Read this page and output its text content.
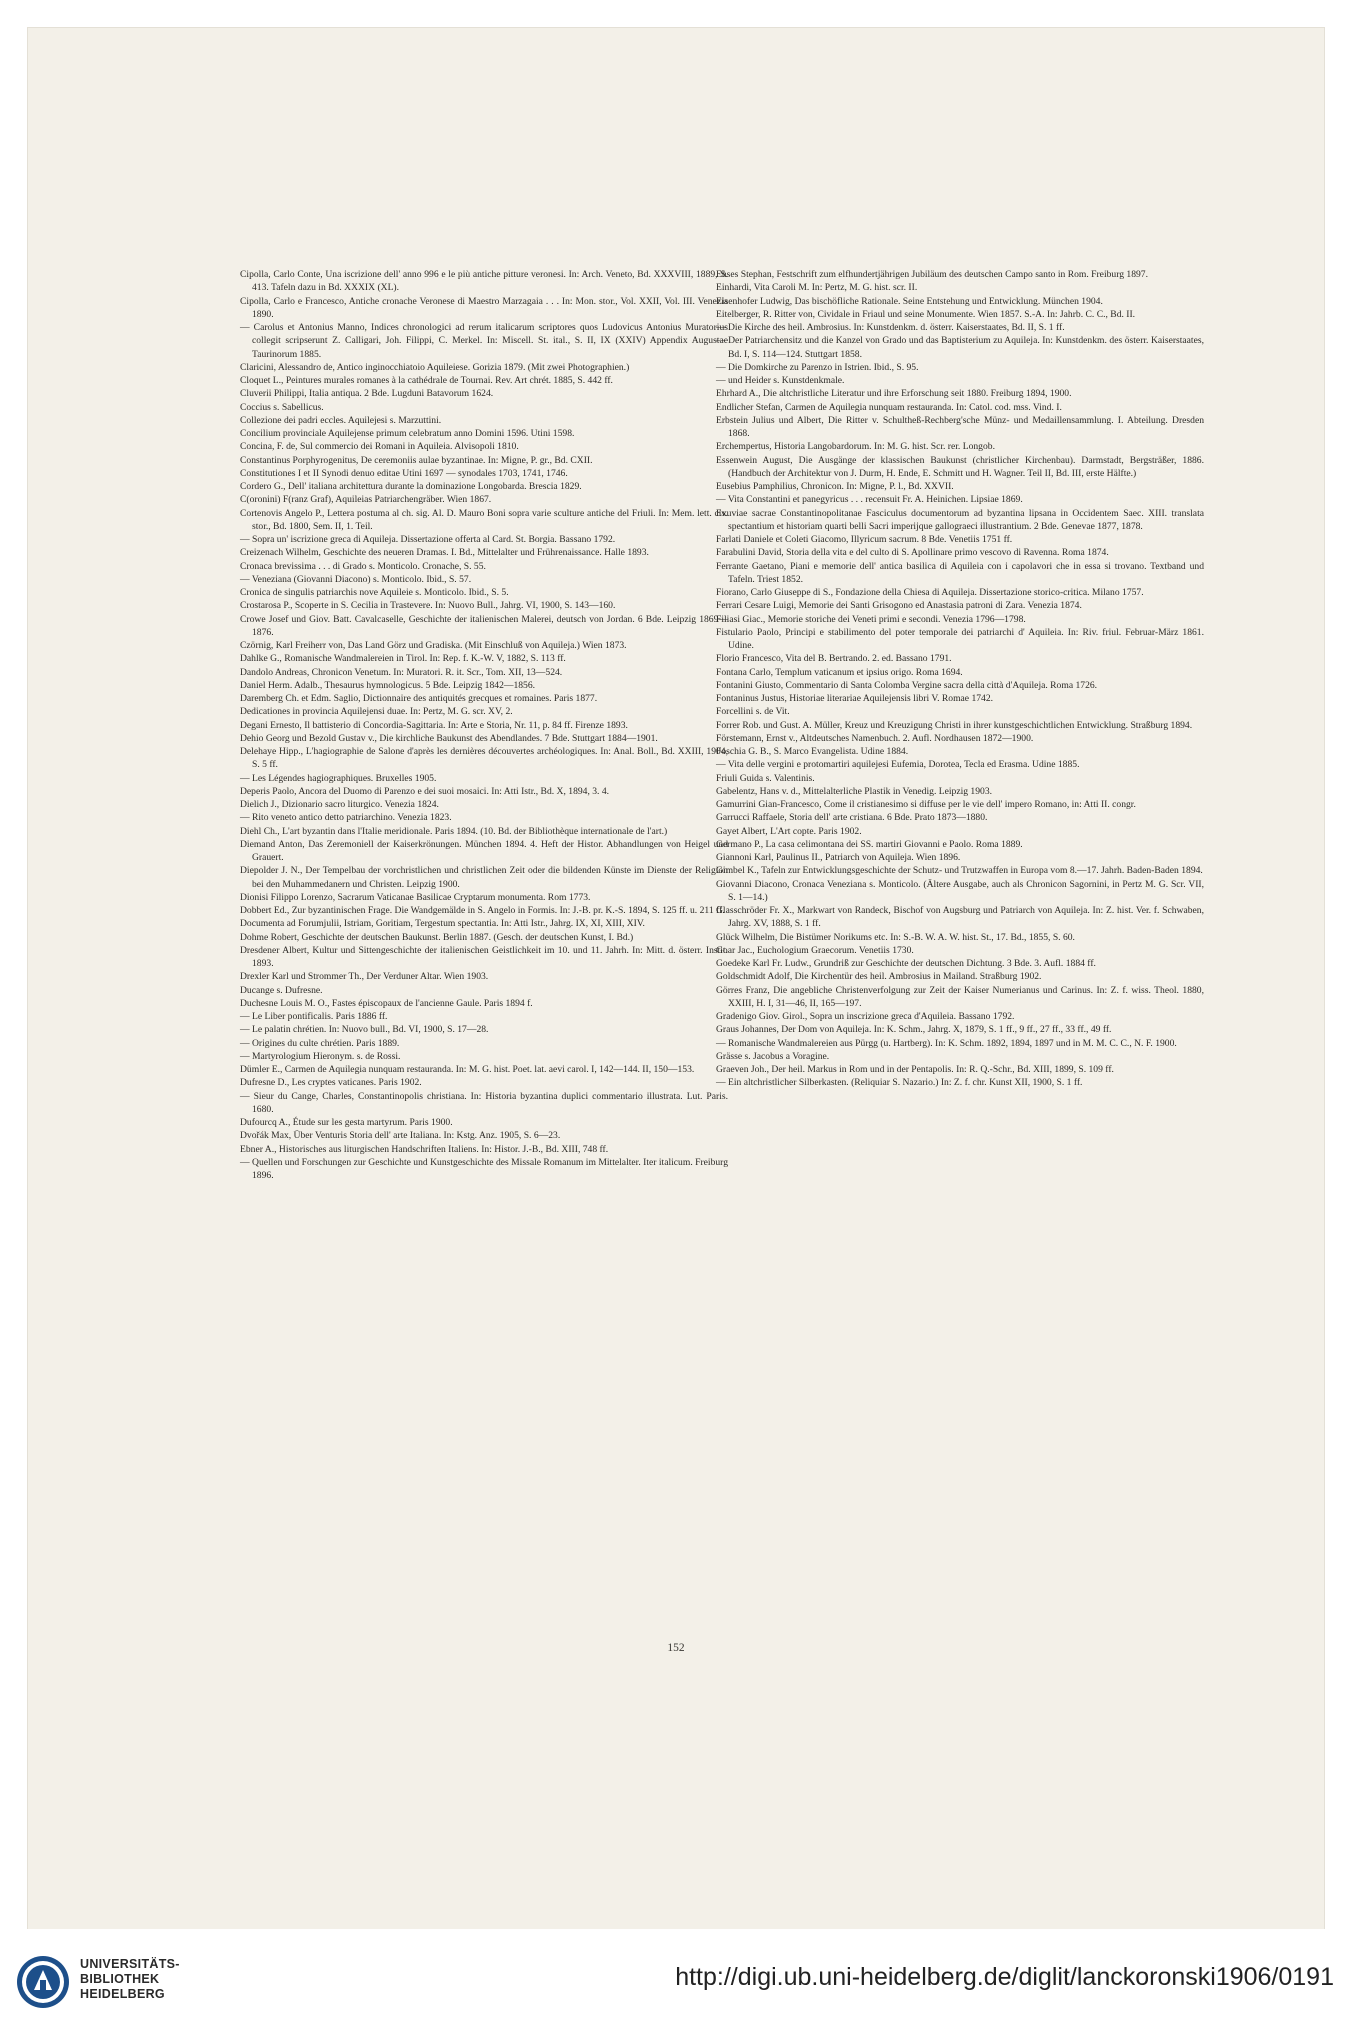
Cipolla, Carlo Conte, Una iscrizione dell' anno 996 e le più antiche pitture veronesi. In: Arch. Veneto, Bd. XXXVIII, 1889, S. 413. Tafeln dazu in Bd. XXXIX (XL).

Cipolla, Carlo e Francesco, Antiche cronache Veronese di Maestro Marzagaia . . . In: Mon. stor., Vol. XXII, Vol. III. Venezia 1890.

— Carolus et Antonius Manno, Indices chronologici ad rerum italicarum scriptores quos Ludovicus Antonius Muratorius collegit scripserunt Z. Calligari, Joh. Filippi, C. Merkel. In: Miscell. St. ital., S. II, IX (XXIV) Appendix Augustae Taurinorum 1885.

Claricini, Alessandro de, Antico inginocchiatoio Aquileiese. Gorizia 1879. (Mit zwei Photographien.)

Cloquet L., Peintures murales romanes à la cathédrale de Tournai. Rev. Art chrét. 1885, S. 442 ff.

Cluverii Philippi, Italia antiqua. 2 Bde. Lugduni Batavorum 1624.

Coccius s. Sabellicus.

Collezione dei padri eccles. Aquilejesi s. Marzuttini.

Concilium provinciale Aquilejense primum celebratum anno Domini 1596. Utini 1598.

Concina, F. de, Sul commercio dei Romani in Aquileia. Alvisopoli 1810.

Constantinus Porphyrogenitus, De ceremoniis aulae byzantinae. In: Migne, P. gr., Bd. CXII.

Constitutiones I et II Synodi denuo editae Utini 1697 — synodales 1703, 1741, 1746.

Cordero G., Dell' italiana architettura durante la dominazione Longobarda. Brescia 1829.

C(oronini) F(ranz Graf), Aquileias Patriarchengräber. Wien 1867.

Cortenovis Angelo P., Lettera postuma al ch. sig. Al. D. Mauro Boni sopra varie sculture antiche del Friuli. In: Mem. lett. civ. stor., Bd. 1800, Sem. II, 1. Teil.

— Sopra un' iscrizione greca di Aquileja. Dissertazione offerta al Card. St. Borgia. Bassano 1792.

Creizenach Wilhelm, Geschichte des neueren Dramas. I. Bd., Mittelalter und Frührenaissance. Halle 1893.

Cronaca brevissima . . . di Grado s. Monticolo. Cronache, S. 55.

— Veneziana (Giovanni Diacono) s. Monticolo. Ibid., S. 57.

Cronica de singulis patriarchis nove Aquileie s. Monticolo. Ibid., S. 5.

Crostarosa P., Scoperte in S. Cecilia in Trastevere. In: Nuovo Bull., Jahrg. VI, 1900, S. 143—160.

Crowe Josef und Giov. Batt. Cavalcaselle, Geschichte der italienischen Malerei, deutsch von Jordan. 6 Bde. Leipzig 1869—1876.

Czörnig, Karl Freiherr von, Das Land Görz und Gradiska. (Mit Einschluß von Aquileja.) Wien 1873.

Dahlke G., Romanische Wandmalereien in Tirol. In: Rep. f. K.-W. V, 1882, S. 113 ff.

Dandolo Andreas, Chronicon Venetum. In: Muratori. R. it. Scr., Tom. XII, 13—524.

Daniel Herm. Adalb., Thesaurus hymnologicus. 5 Bde. Leipzig 1842—1856.

Daremberg Ch. et Edm. Saglio, Dictionnaire des antiquités grecques et romaines. Paris 1877.

Dedicationes in provincia Aquilejensi duae. In: Pertz, M. G. scr. XV, 2.

Degani Ernesto, Il battisterio di Concordia-Sagittaria. In: Arte e Storia, Nr. 11, p. 84 ff. Firenze 1893.

Dehio Georg und Bezold Gustav v., Die kirchliche Baukunst des Abendlandes. 7 Bde. Stuttgart 1884—1901.

Delehaye Hipp., L'hagiographie de Salone d'après les dernières découvertes archéologiques. In: Anal. Boll., Bd. XXIII, 1904, S. 5 ff.

— Les Légendes hagiographiques. Bruxelles 1905.

Deperis Paolo, Ancora del Duomo di Parenzo e dei suoi mosaici. In: Atti Istr., Bd. X, 1894, 3. 4.

Dielich J., Dizionario sacro liturgico. Venezia 1824.

— Rito veneto antico detto patriarchino. Venezia 1823.

Diehl Ch., L'art byzantin dans l'Italie meridionale. Paris 1894. (10. Bd. der Bibliothèque internationale de l'art.)

Diemand Anton, Das Zeremoniell der Kaiserkrönungen. München 1894. 4. Heft der Histor. Abhandlungen von Heigel und Grauert.

Diepolder J. N., Der Tempelbau der vorchristlichen und christlichen Zeit oder die bildenden Künste im Dienste der Religion bei den Muhammedanern und Christen. Leipzig 1900.

Dionisi Filippo Lorenzo, Sacrarum Vaticanae Basilicae Cryptarum monumenta. Rom 1773.

Dobbert Ed., Zur byzantinischen Frage. Die Wandgemälde in S. Angelo in Formis. In: J.-B. pr. K.-S. 1894, S. 125 ff. u. 211 ff.

Documenta ad Forumjulii, Istriam, Goritiam, Tergestum spectantia. In: Atti Istr., Jahrg. IX, XI, XIII, XIV.

Dohme Robert, Geschichte der deutschen Baukunst. Berlin 1887. (Gesch. der deutschen Kunst, I. Bd.)

Dresdener Albert, Kultur und Sittengeschichte der italienischen Geistlichkeit im 10. und 11. Jahrh. In: Mitt. d. österr. Instit. 1893.

Drexler Karl und Strommer Th., Der Verduner Altar. Wien 1903.

Ducange s. Dufresne.

Duchesne Louis M. O., Fastes épiscopaux de l'ancienne Gaule. Paris 1894 f.

— Le Liber pontificalis. Paris 1886 ff.

— Le palatin chrétien. In: Nuovo bull., Bd. VI, 1900, S. 17—28.

— Origines du culte chrétien. Paris 1889.

— Martyrologium Hieronym. s. de Rossi.

Dümler E., Carmen de Aquilegia nunquam restauranda. In: M. G. hist. Poet. lat. aevi carol. I, 142—144. II, 150—153.

Dufresne D., Les cryptes vaticanes. Paris 1902.

— Sieur du Cange, Charles, Constantinopolis christiana. In: Historia byzantina duplici commentario illustrata. Lut. Paris. 1680.

Dufourcq A., Étude sur les gesta martyrum. Paris 1900.

Dvořák Max, Über Venturis Storia dell' arte Italiana. In: Kstg. Anz. 1905, S. 6—23.

Ebner A., Historisches aus liturgischen Handschriften Italiens. In: Histor. J.-B., Bd. XIII, 748 ff.

— Quellen und Forschungen zur Geschichte und Kunstgeschichte des Missale Romanum im Mittelalter. Iter italicum. Freiburg 1896.

Ehses Stephan, Festschrift zum elfhundertjährigen Jubiläum des deutschen Campo santo in Rom. Freiburg 1897.

Einhardi, Vita Caroli M. In: Pertz, M. G. hist. scr. II.

Eisenhofer Ludwig, Das bischöfliche Rationale. Seine Entstehung und Entwicklung. München 1904.

Eitelberger, R. Ritter von, Cividale in Friaul und seine Monumente. Wien 1857. S.-A. In: Jahrb. C. C., Bd. II.

— Die Kirche des heil. Ambrosius. In: Kunstdenkm. d. österr. Kaiserstaates, Bd. II, S. 1 ff.

— Der Patriarchensitz und die Kanzel von Grado und das Baptisterium zu Aquileja. In: Kunstdenkm. des österr. Kaiserstaates, Bd. I, S. 114—124. Stuttgart 1858.

— Die Domkirche zu Parenzo in Istrien. Ibid., S. 95.

— und Heider s. Kunstdenkmale.

Ehrhard A., Die altchristliche Literatur und ihre Erforschung seit 1880. Freiburg 1894, 1900.

Endlicher Stefan, Carmen de Aquilegia nunquam restauranda. In: Catol. cod. mss. Vind. I.

Erbstein Julius und Albert, Die Ritter v. Schultheß-Rechberg'sche Münz- und Medaillensammlung. I. Abteilung. Dresden 1868.

Erchempertus, Historia Langobardorum. In: M. G. hist. Scr. rer. Longob.

Essenwein August, Die Ausgänge der klassischen Baukunst (christlicher Kirchenbau). Darmstadt, Bergsträßer, 1886. (Handbuch der Architektur von J. Durm, H. Ende, E. Schmitt und H. Wagner. Teil II, Bd. III, erste Hälfte.)

Eusebius Pamphilius, Chronicon. In: Migne, P. l., Bd. XXVII.

— Vita Constantini et panegyricus . . . recensuit Fr. A. Heinichen. Lipsiae 1869.

Exuviae sacrae Constantinopolitanae Fasciculus documentorum ad byzantina lipsana in Occidentem Saec. XIII. translata spectantium et historiam quarti belli Sacri imperijque gallograeci illustrantium. 2 Bde. Genevae 1877, 1878.

Farlati Daniele et Coleti Giacomo, Illyricum sacrum. 8 Bde. Venetiis 1751 ff.

Farabulini David, Storia della vita e del culto di S. Apollinare primo vescovo di Ravenna. Roma 1874.

Ferrante Gaetano, Piani e memorie dell' antica basilica di Aquileia con i capolavori che in essa si trovano. Textband und Tafeln. Triest 1852.

Fiorano, Carlo Giuseppe di S., Fondazione della Chiesa di Aquileja. Dissertazione storico-critica. Milano 1757.

Ferrari Cesare Luigi, Memorie dei Santi Grisogono ed Anastasia patroni di Zara. Venezia 1874.

Filiasi Giac., Memorie storiche dei Veneti primi e secondi. Venezia 1796—1798.

Fistulario Paolo, Principi e stabilimento del poter temporale dei patriarchi d' Aquileia. In: Riv. friul. Februar-März 1861. Udine.

Florio Francesco, Vita del B. Bertrando. 2. ed. Bassano 1791.

Fontana Carlo, Templum vaticanum et ipsius origo. Roma 1694.

Fontanini Giusto, Commentario di Santa Colomba Vergine sacra della città d'Aquileja. Roma 1726.

Fontaninus Justus, Historiae literariae Aquilejensis libri V. Romae 1742.

Forcellini s. de Vit.

Forrer Rob. und Gust. A. Müller, Kreuz und Kreuzigung Christi in ihrer kunstgeschichtlichen Entwicklung. Straßburg 1894.

Förstemann, Ernst v., Altdeutsches Namenbuch. 2. Aufl. Nordhausen 1872—1900.

Foschia G. B., S. Marco Evangelista. Udine 1884.

— Vita delle vergini e protomartiri aquilejesi Eufemia, Dorotea, Tecla ed Erasma. Udine 1885.

Friuli Guida s. Valentinis.

Gabelentz, Hans v. d., Mittelalterliche Plastik in Venedig. Leipzig 1903.

Gamurrini Gian-Francesco, Come il cristianesimo si diffuse per le vie dell' impero Romano, in: Atti II. congr.

Garrucci Raffaele, Storia dell' arte cristiana. 6 Bde. Prato 1873—1880.

Gayet Albert, L'Art copte. Paris 1902.

Germano P., La casa celimontana dei SS. martiri Giovanni e Paolo. Roma 1889.

Giannoni Karl, Paulinus II., Patriarch von Aquileja. Wien 1896.

Gimbel K., Tafeln zur Entwicklungsgeschichte der Schutz- und Trutzwaffen in Europa vom 8.—17. Jahrh. Baden-Baden 1894.

Giovanni Diacono, Cronaca Veneziana s. Monticolo. (Ältere Ausgabe, auch als Chronicon Sagornini, in Pertz M. G. Scr. VII, S. 1—14.)

Glasschröder Fr. X., Markwart von Randeck, Bischof von Augsburg und Patriarch von Aquileja. In: Z. hist. Ver. f. Schwaben, Jahrg. XV, 1888, S. 1 ff.

Glück Wilhelm, Die Bistümer Norikums etc. In: S.-B. W. A. W. hist. St., 17. Bd., 1855, S. 60.

Goar Jac., Euchologium Graecorum. Venetiis 1730.

Goedeke Karl Fr. Ludw., Grundriß zur Geschichte der deutschen Dichtung. 3 Bde. 3. Aufl. 1884 ff.

Goldschmidt Adolf, Die Kirchentür des heil. Ambrosius in Mailand. Straßburg 1902.

Görres Franz, Die angebliche Christenverfolgung zur Zeit der Kaiser Numerianus und Carinus. In: Z. f. wiss. Theol. 1880, XXIII, H. I, 31—46, II, 165—197.

Gradenigo Giov. Girol., Sopra un inscrizione greca d'Aquileia. Bassano 1792.

Graus Johannes, Der Dom von Aquileja. In: K. Schm., Jahrg. X, 1879, S. 1 ff., 9 ff., 27 ff., 33 ff., 49 ff.

— Romanische Wandmalereien aus Pürgg (u. Hartberg). In: K. Schm. 1892, 1894, 1897 und in M. M. C. C., N. F. 1900.

Grässe s. Jacobus a Voragine.

Graeven Joh., Der heil. Markus in Rom und in der Pentapolis. In: R. Q.-Schr., Bd. XIII, 1899, S. 109 ff.

— Ein altchristlicher Silberkasten. (Reliquiar S. Nazario.) In: Z. f. chr. Kunst XII, 1900, S. 1 ff.

152
UNIVERSITÄTS-
BIBLIOTHEK
HEIDELBERG
http://digi.ub.uni-heidelberg.de/diglit/lanckoronski1906/0191
